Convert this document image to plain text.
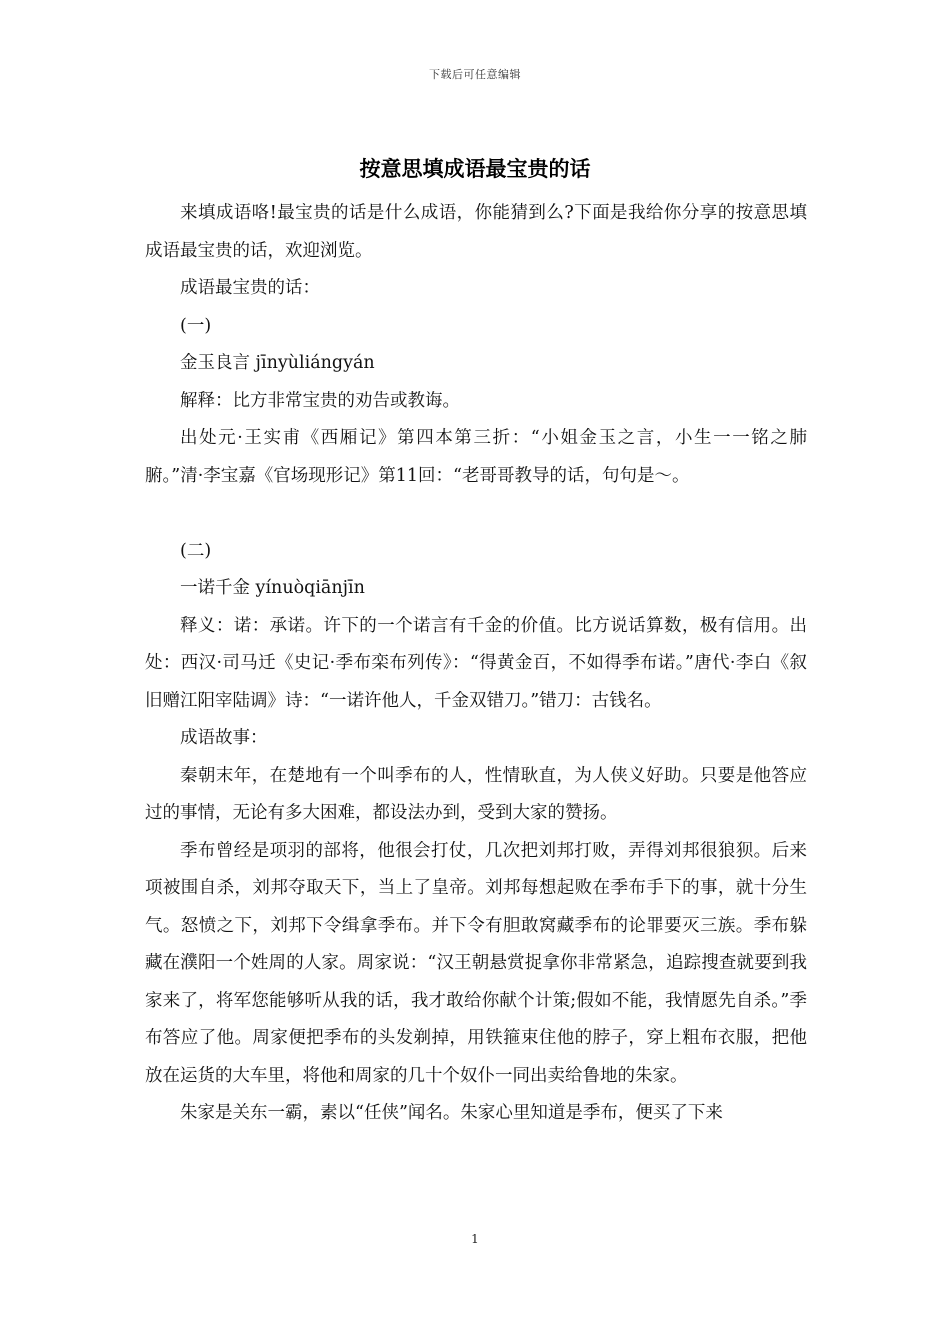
下载后可任意编辑
按意思填成语最宝贵的话

来填成语咯!最宝贵的话是什么成语，你能猜到么?下面是我给你分享的按意思填成语最宝贵的话，欢迎浏览。

成语最宝贵的话：

(一)

金玉良言 jīnyùliángyán

解释：比方非常宝贵的劝告或教诲。

出处元·王实甫《西厢记》第四本第三折：“小姐金玉之言，小生一一铭之肺腑。”清·李宝嘉《官场现形记》第11回：“老哥哥教导的话，句句是～。

(二)

一诺千金 yínuòqiānjīn

释义：诺：承诺。许下的一个诺言有千金的价值。比方说话算数，极有信用。出处：西汉·司马迁《史记·季布栾布列传》：“得黄金百，不如得季布诺。”唐代·李白《叙旧赠江阳宰陆调》诗：“一诺许他人，千金双错刀。”错刀：古钱名。

成语故事：

秦朝末年，在楚地有一个叫季布的人，性情耿直，为人侠义好助。只要是他答应过的事情，无论有多大困难，都设法办到，受到大家的赞扬。

季布曾经是项羽的部将，他很会打仗，几次把刘邦打败，弄得刘邦很狼狈。后来项被围自杀，刘邦夺取天下，当上了皇帝。刘邦每想起败在季布手下的事，就十分生气。怒愤之下，刘邦下令缉拿季布。并下令有胆敢窝藏季布的论罪要灭三族。季布躲藏在濮阳一个姓周的人家。周家说：“汉王朝悬赏捉拿你非常紧急，追踪搜查就要到我家来了，将军您能够听从我的话，我才敢给你献个计策;假如不能，我情愿先自杀。”季布答应了他。周家便把季布的头发剃掉，用铁箍束住他的脖子，穿上粗布衣服，把他放在运货的大车里，将他和周家的几十个奴仆一同出卖给鲁地的朱家。

朱家是关东一霸，素以“任侠”闻名。朱家心里知道是季布，便买了下来

1
